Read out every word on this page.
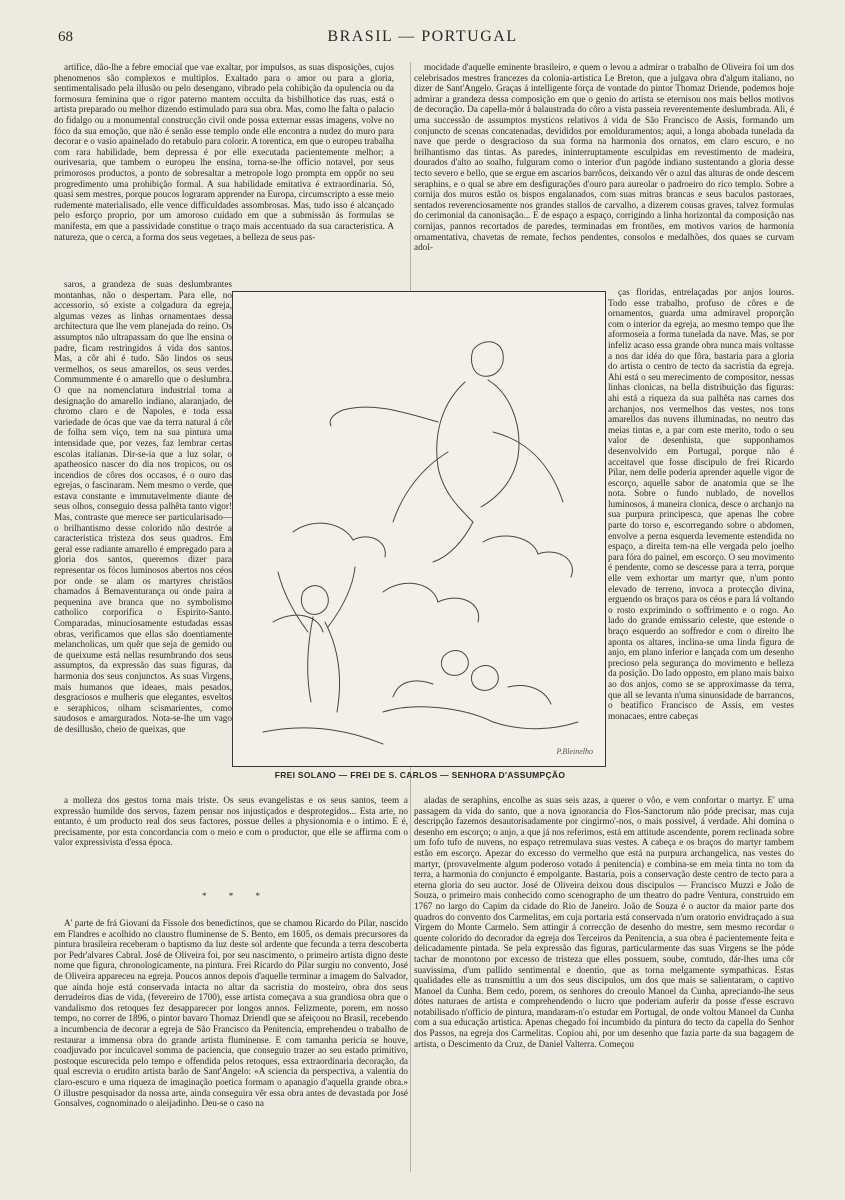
68	BRASIL — PORTUGAL

artifice, dão-lhe a febre emocial que vae exaltar, por impulsos, as suas disposições, cujos phenomenos são complexos e multiplos. Exaltado para o amor ou para a gloria, sentimentalisado pela illusão ou pelo desengano, vibrado pela cohibição da opulencia ou da formosura feminina que o rigor paterno mantem occulta da bisbilhotice das ruas, está o artista preparado ou melhor dizendo estimulado para sua obra. Mas, como lhe falta o palacio do fidalgo ou a monumental construcção civil onde possa externar essas imagens, volve no fóco da sua emoção, que não é senão esse templo onde elle encontra a nudez do muro para decorar e o vasio apainelado do retabulo para colorir. A torentica, em que o europeu trabalha com rara habilidade, bem depressa é por elle executada pacientemente melhor; a ourivesaria, que tambem o europeu lhe ensina, torna-se-lhe officio notavel, por seus primorosos productos, a ponto de sobresaltar a metropole logo prompta em oppôr no seu progredimento uma prohibição formal. A sua habilidade emitativa é extraordinaria. Só, quasi sem mestres, porque poucos lograram apprender na Europa, circumscripto a esse meio rudemente materialisado, elle vence difficuldades assombrosas. Mas, tudo isso é alcançado pelo esforço proprio, por um amoroso cuidado em que a submissão ás formulas se manifesta, em que a passividade constitue o traço mais accentuado da sua caracteristica. A natureza, que o cerca, a forma dos seus vegetaes, a belleza de seus pas-

mocidade d'aquelle eminente brasileiro, e quem o levou a admirar o trabalho de Oliveira foi um dos celebrisados mestres francezes da colonia-artistica Le Breton, que a julgava obra d'algum italiano, no dizer de Sant'Angelo. Graças á intelligente força de vontade do pintor Thomaz Driende, podemos hoje admirar a grandeza dessa composição em que o genio do artista se eternisou nos mais bellos motivos de decoração. Da capella-mór á balaustrada do côro a vista passeia reverentemente deslumbrada. Ali, é uma successão de assumptos mysticos relativos á vida de São Francisco de Assis, formando um conjuncto de scenas concatenadas, devididos por emolduramentos; aqui, a longa abobada tunelada da nave que perde o desgracioso da sua forma na harmonia dos ornatos, em claro escuro, e no brilhantismo das tintas. As paredes, ininterruptamente esculpidas em revestimento de madeira, dourados d'alto ao soalho, fulguram como o interior d'un pagóde indiano sustentando a gloria desse tecto severo e bello, que se ergue em ascarios barrôcos, deixando vêr o azul das alturas de onde descem seraphins, e o qual se abre em desfigurações d'ouro para aureolar o padroeiro do rico templo. Sobre a cornija dos muros estão os bispos engalanados, com suas mitras brancas e seus baculos pastoraes, sentados reverenciosamente nos grandes stallos de carvalho, a dizerem cousas graves, talvez formulas do cerimonial da canonisação... E de espaço a espaço, corrigindo a linha horizontal da composição nas cornijas, pannos recortados de paredes, terminadas em frontões, em motivos varios de harmonia ornamentativa, chavetas de remate, fechos pendentes, consolos e medalhões, dos quaes se curvam adol-

saros, a grandeza de suas deslumbrantes montanhas, não o despertam. Para elle, no accessorio, só existe a colgadura da egreja, algumas vezes as linhas ornamentaes dessa architectura que lhe vem planejada do reino. Os assumptos não ultrapassam do que lhe ensina o padre, ficam restringidos á vida dos santos. Mas, a côr ahi é tudo. São lindos os seus vermelhos, os seus amarellos, os seus verdes. Commummente é o amarello que o deslumbra. O que na nomenclatura industrial toma a designação do amarello indiano, alaranjado, de chromo claro e de Napoles, e toda essa variedade de ócas que vae da terra natural á côr de folha sem viço, tem na sua pintura uma intensidade que, por vezes, faz lembrar certas escolas italianas. Dir-se-ia que a luz solar, o apatheosico nascer do dia nos tropicos, ou os incendios de côres dos occasos, é o ouro das egrejas, o fascinaram. Nem mesmo o verde, que estava constante e immutavelmente diante de seus olhos, conseguio dessa palhêta tanto vigor! Mas, contraste que merece ser particularisado—o brilhantismo desse colorido não destróe a caracteristica tristeza dos seus quadros. Em geral esse radiante amarello é empregado para a gloria dos santos, queremos dizer para representar os fócos luminosos abertos nos céos por onde se alam os martyres christãos chamados á Bemaventurança ou onde paira a pequenina ave branca que no symbolismo catholico corporifica o Espirito-Santo. Comparadas, minuciosamente estudadas essas obras, verificamos que ellas são doentiamente melancholicas, um quêr que seja de gemido ou de queixume está nellas resumbrando dos seus assumptos, da expressão das suas figuras, da harmonia dos seus conjunctos. As suas Virgens, mais humanos que ideaes, mais pesados, desgraciosos e mulheris que elegantes, esveltos e seraphicos, olham scismarientes, como saudosos e amargurados. Nota-se-lhe um vago de desillusão, cheio de queixas, que

ças floridas, entrelaçadas por anjos louros. Todo esse trabalho, profuso de côres e de ornamentos, guarda uma admiravel proporção com o interior da egreja, ao mesmo tempo que lhe aformoseia a forma tunelada da nave. Mas, se por infeliz acaso essa grande obra nunca mais voltasse a nos dar idéa do que fôra, bastaria para a gloria do artista o centro de tecto da sacristia da egreja. Ahi está o seu merecimento de compositor, nessas linhas clonicas, na bella distribuição das figuras: ahi está a riqueza da sua palhêta nas carnes dos archanjos, nos vermelhos das vestes, nos tons amarellos das nuvens illuminadas, no neutro das meias tintas e, a par com este merito, todo o seu valor de desenhista, que supponhamos desenvolvido em Portugal, porque não é acceitavel que fosse discipulo de frei Ricardo Pilar, nem delle poderia aprender aquelle vigor de escorço, aquelle sabor de anatomia que se lhe nota. Sobre o fundo nublado, de novellos luminosos, á maneira clonica, desce o archanjo na sua purpura principesca, que apenas lhe cobre parte do torso e, escorregando sobre o abdomen, envolve a perna esquerda levemente estendida no espaço, a direita tem-na elle vergada pelo joelho para fóra do painel, em escorço. O seu movimento é pendente, como se descesse para a terra, porque elle vem exhortar um martyr que, n'um ponto elevado de terreno, invoca a protecção divina, erguendo os braços para os céos e para lá voltando o rosto exprimindo o soffrimento e o rogo. Ao lado do grande emissario celeste, que estende o braço esquerdo ao soffredor e com o direito lhe aponta os altares, inclina-se uma linda figura de anjo, em plano inferior e lançada com um desenho precioso pela segurança do movimento e belleza da posição. Do lado opposto, em plano mais baixo ao dos anjos, como se se approximasse da terra, que all se levanta n'uma sinuosidade de barrancos, o beatifico Francisco de Assis, em vestes monacaes, entre cabeças

P.Bleinelho
FREI SOLANO — FREI DE S. CARLOS — SENHORA D'ASSUMPÇÃO

a molleza dos gestos torna mais triste. Os seus evangelistas e os seus santos, teem a expressão humilde dos servos, fazem pensar nos injustiçados e desprotegidos... Esta arte, no entanto, é um producto real dos seus factores, possue delles a physionomia e o intimo. E é, precisamente, por esta concordancia com o meio e com o productor, que elle se affirma com o valor expressivista d'essa época.

* * *

A' parte de frá Giovani da Fissole dos benedictinos, que se chamou Ricardo do Pilar, nascido em Flandres e acolhido no claustro fluminense de S. Bento, em 1605, os demais precursores da pintura brasileira receberam o baptismo da luz deste sol ardente que fecunda a terra descoberta por Pedr'alvares Cabral. José de Oliveira foi, por seu nascimento, o primeiro artista digno deste nome que figura, chronologicamente, na pintura. Frei Ricardo do Pilar surgiu no convento, José de Oliveira appareceu na egreja. Poucos annos depois d'aquelle terminar a imagem do Salvador, que ainda hoje está conservada intacta no altar da sacristia do mosteiro, obra dos seus derradeiros dias de vida, (fevereiro de 1700), esse artista começava a sua grandiosa obra que o vandalismo dos retoques fez desapparecer por longos annos. Felizmente, porem, em nosso tempo, no correr de 1896, o pintor bavaro Thomaz Driendl que se afeiçoou no Brasil, recebendo a incumbencia de decorar a egreja de São Francisco da Penitencia, emprehendeu o trabalho de restaurar a immensa obra do grande artista fluminense. E com tamanha pericia se houve, coadjuvado por inculcavel somma de paciencia, que conseguio trazer ao seu estado primitivo, postoque escurecida pelo tempo e offendida pelos retoques, essa extraordinaria decoração, da qual escrevia o erudito artista barão de Sant'Angelo: «A sciencia da perspectiva, a valentia do claro-escuro e uma riqueza de imaginação poetica formam o apanagio d'aquella grande obra.» O illustre pesquisador da nossa arte, ainda conseguira vêr essa obra antes de devastada por José Gonsalves, cognominado o aleijadinho. Deu-se o caso na

aladas de seraphins, encolhe as suas seis azas, a querer o vôo, e vem confortar o martyr. E' uma passagem da vida do santo, que a nova ignorancia do Flos-Sanctorum não póde precisar, mas cuja descripção fazemos desautorisadamente por cingirmo'-nos, o mais possivel, á verdade. Ahi domina o desenho em escorço; o anjo, a que já nos referimos, está em attitude ascendente, porem reclinada sobre um fofo tufo de nuvens, no espaço retremulava suas vestes. A cabeça e os braços do martyr tambem estão em escorço. Apezar do excesso do vermelho que está na purpura archangelica, nas vestes do martyr, (provavelmente algum poderoso votado á penitencia) e combina-se em meia tinta no tom da terra, a harmonia do conjuncto é empolgante. Bastaria, pois a conservação deste centro de tecto para a eterna gloria do seu auctor. José de Oliveira deixou dous discipulos — Francisco Muzzi e João de Souza, o primeiro mais conhecido como scenographo de um theatro do padre Ventura, construido em 1767 no largo do Capim da cidade do Rio de Janeiro. João de Souza é o auctor da maior parte dos quadros do convento dos Carmelitas, em cuja portaria está conservada n'um oratorio envidraçado a sua Virgem do Monte Carmelo. Sem attingir á correcção de desenho do mestre, sem mesmo recordar o quente colorido do decorador da egreja dos Terceiros da Penitencia, a sua obra é pacientemente feita e delicadamente pintada. Se pela expressão das figuras, particularmente das suas Virgens se lhe póde tachar de monotono por excesso de tristeza que elles possuem, soube, comtudo, dár-lhes uma côr suavissima, d'um pallido sentimental e doentio, que as torna melgamente sympathicas. Estas qualidades elle as transmittiu a um dos seus discipulos, um dos que mais se salientaram, o captivo Manoel da Cunha. Bem cedo, porem, os senhores do creoulo Manoel da Cunha, apreciando-lhe seus dótes naturaes de artista e comprehendendo o lucro que poderiam auferir da posse d'esse escravo notabilisado n'officio de pintura, mandaram-n'o estudar em Portugal, de onde voltou Manoel da Cunha com a sua educação artistica. Apenas chegado foi incumbido da pintura do tecto da capella do Senhor dos Passos, na egreja dos Carmelitas. Copiou ahi, por um desenho que fazia parte da sua bagagem de artista, o Descimento da Cruz, de Daniel Valterra. Começou
